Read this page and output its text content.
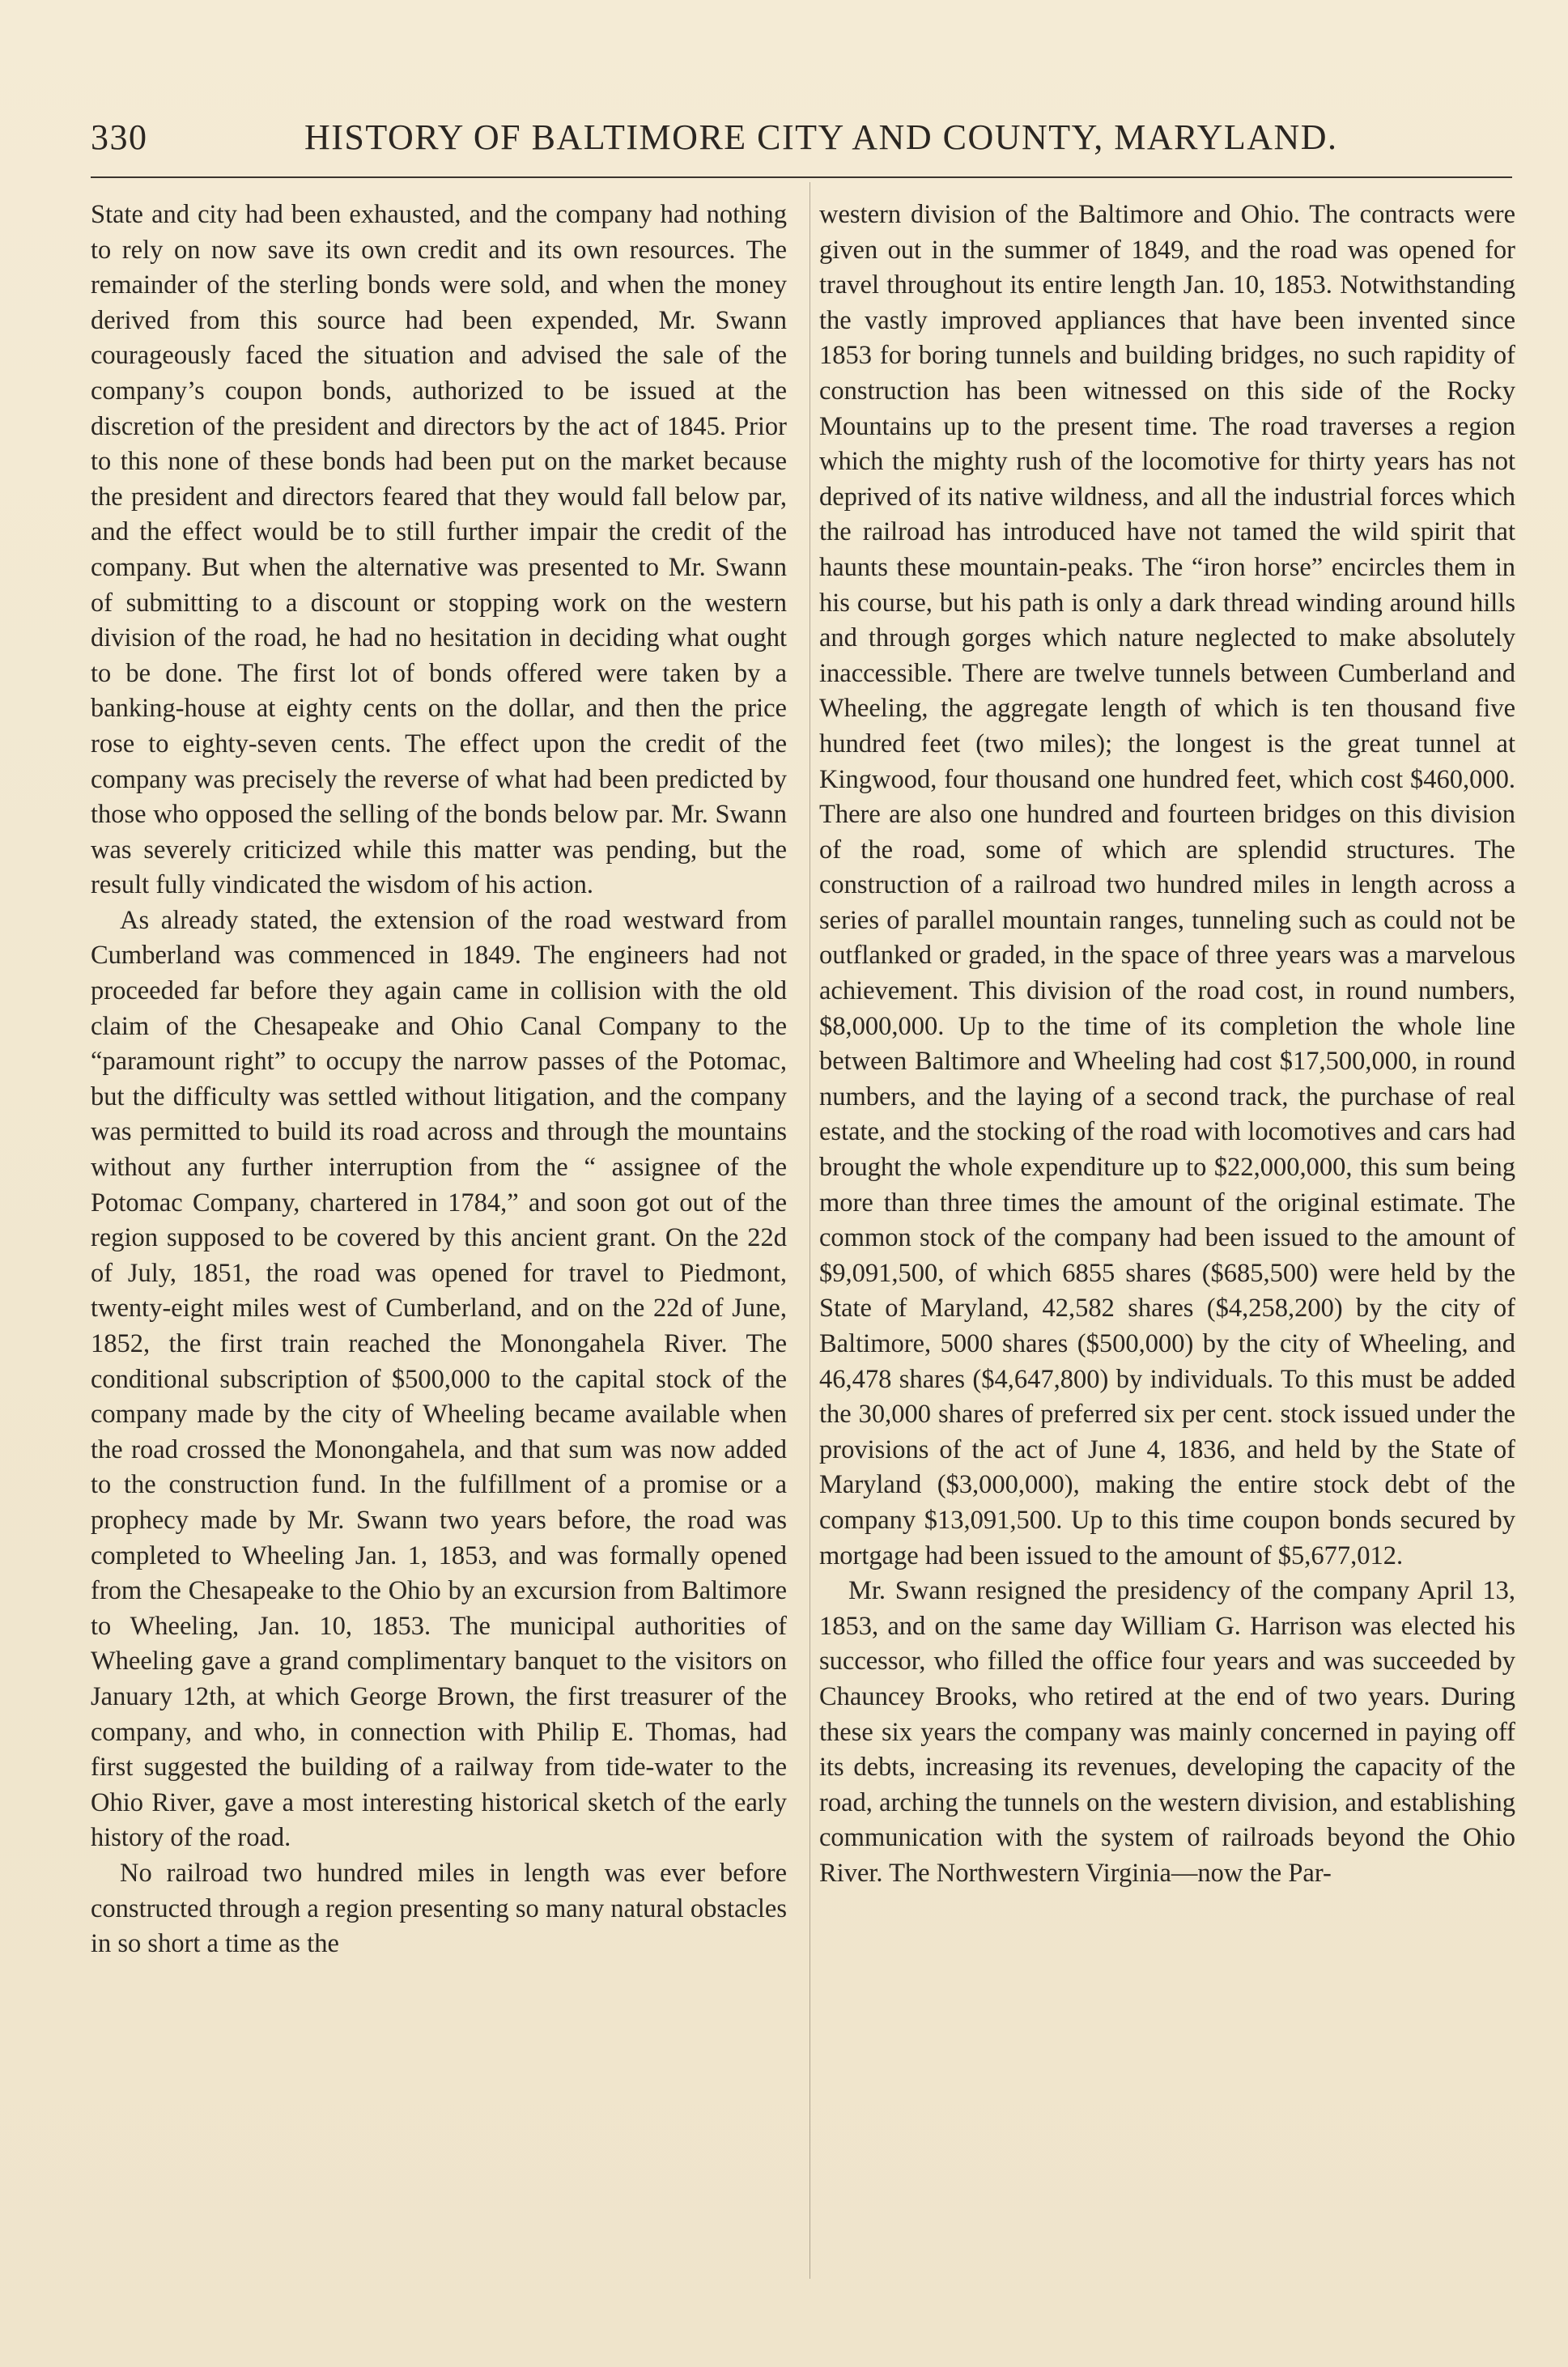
330	HISTORY OF BALTIMORE CITY AND COUNTY, MARYLAND.

State and city had been exhausted, and the company had nothing to rely on now save its own credit and its own resources. The remainder of the sterling bonds were sold, and when the money derived from this source had been expended, Mr. Swann courageously faced the situation and advised the sale of the company’s coupon bonds, authorized to be issued at the discretion of the president and directors by the act of 1845. Prior to this none of these bonds had been put on the market because the president and directors feared that they would fall below par, and the effect would be to still further impair the credit of the company. But when the alternative was presented to Mr. Swann of submitting to a discount or stopping work on the western division of the road, he had no hesitation in deciding what ought to be done. The first lot of bonds offered were taken by a banking-house at eighty cents on the dollar, and then the price rose to eighty-seven cents. The effect upon the credit of the company was precisely the reverse of what had been predicted by those who opposed the selling of the bonds below par. Mr. Swann was severely criticized while this matter was pending, but the result fully vindicated the wisdom of his action.

As already stated, the extension of the road westward from Cumberland was commenced in 1849. The engineers had not proceeded far before they again came in collision with the old claim of the Chesapeake and Ohio Canal Company to the “paramount right” to occupy the narrow passes of the Potomac, but the difficulty was settled without litigation, and the company was permitted to build its road across and through the mountains without any further interruption from the “ assignee of the Potomac Company, chartered in 1784,” and soon got out of the region supposed to be covered by this ancient grant. On the 22d of July, 1851, the road was opened for travel to Piedmont, twenty-eight miles west of Cumberland, and on the 22d of June, 1852, the first train reached the Monongahela River. The conditional subscription of $500,000 to the capital stock of the company made by the city of Wheeling became available when the road crossed the Monongahela, and that sum was now added to the construction fund. In the fulfillment of a promise or a prophecy made by Mr. Swann two years before, the road was completed to Wheeling Jan. 1, 1853, and was formally opened from the Chesapeake to the Ohio by an excursion from Baltimore to Wheeling, Jan. 10, 1853. The municipal authorities of Wheeling gave a grand complimentary banquet to the visitors on January 12th, at which George Brown, the first treasurer of the company, and who, in connection with Philip E. Thomas, had first suggested the building of a railway from tide-water to the Ohio River, gave a most interesting historical sketch of the early history of the road.

No railroad two hundred miles in length was ever before constructed through a region presenting so many natural obstacles in so short a time as the

western division of the Baltimore and Ohio. The contracts were given out in the summer of 1849, and the road was opened for travel throughout its entire length Jan. 10, 1853. Notwithstanding the vastly improved appliances that have been invented since 1853 for boring tunnels and building bridges, no such rapidity of construction has been witnessed on this side of the Rocky Mountains up to the present time. The road traverses a region which the mighty rush of the locomotive for thirty years has not deprived of its native wildness, and all the industrial forces which the railroad has introduced have not tamed the wild spirit that haunts these mountain-peaks. The “iron horse” encircles them in his course, but his path is only a dark thread winding around hills and through gorges which nature neglected to make absolutely inaccessible. There are twelve tunnels between Cumberland and Wheeling, the aggregate length of which is ten thousand five hundred feet (two miles); the longest is the great tunnel at Kingwood, four thousand one hundred feet, which cost $460,000. There are also one hundred and fourteen bridges on this division of the road, some of which are splendid structures. The construction of a railroad two hundred miles in length across a series of parallel mountain ranges, tunneling such as could not be outflanked or graded, in the space of three years was a marvelous achievement. This division of the road cost, in round numbers, $8,000,000. Up to the time of its completion the whole line between Baltimore and Wheeling had cost $17,500,000, in round numbers, and the laying of a second track, the purchase of real estate, and the stocking of the road with locomotives and cars had brought the whole expenditure up to $22,000,000, this sum being more than three times the amount of the original estimate. The common stock of the company had been issued to the amount of $9,091,500, of which 6855 shares ($685,500) were held by the State of Maryland, 42,582 shares ($4,258,200) by the city of Baltimore, 5000 shares ($500,000) by the city of Wheeling, and 46,478 shares ($4,647,800) by individuals. To this must be added the 30,000 shares of preferred six per cent. stock issued under the provisions of the act of June 4, 1836, and held by the State of Maryland ($3,000,000), making the entire stock debt of the company $13,091,500. Up to this time coupon bonds secured by mortgage had been issued to the amount of $5,677,012.

Mr. Swann resigned the presidency of the company April 13, 1853, and on the same day William G. Harrison was elected his successor, who filled the office four years and was succeeded by Chauncey Brooks, who retired at the end of two years. During these six years the company was mainly concerned in paying off its debts, increasing its revenues, developing the capacity of the road, arching the tunnels on the western division, and establishing communication with the system of railroads beyond the Ohio River. The Northwestern Virginia—now the Par-
